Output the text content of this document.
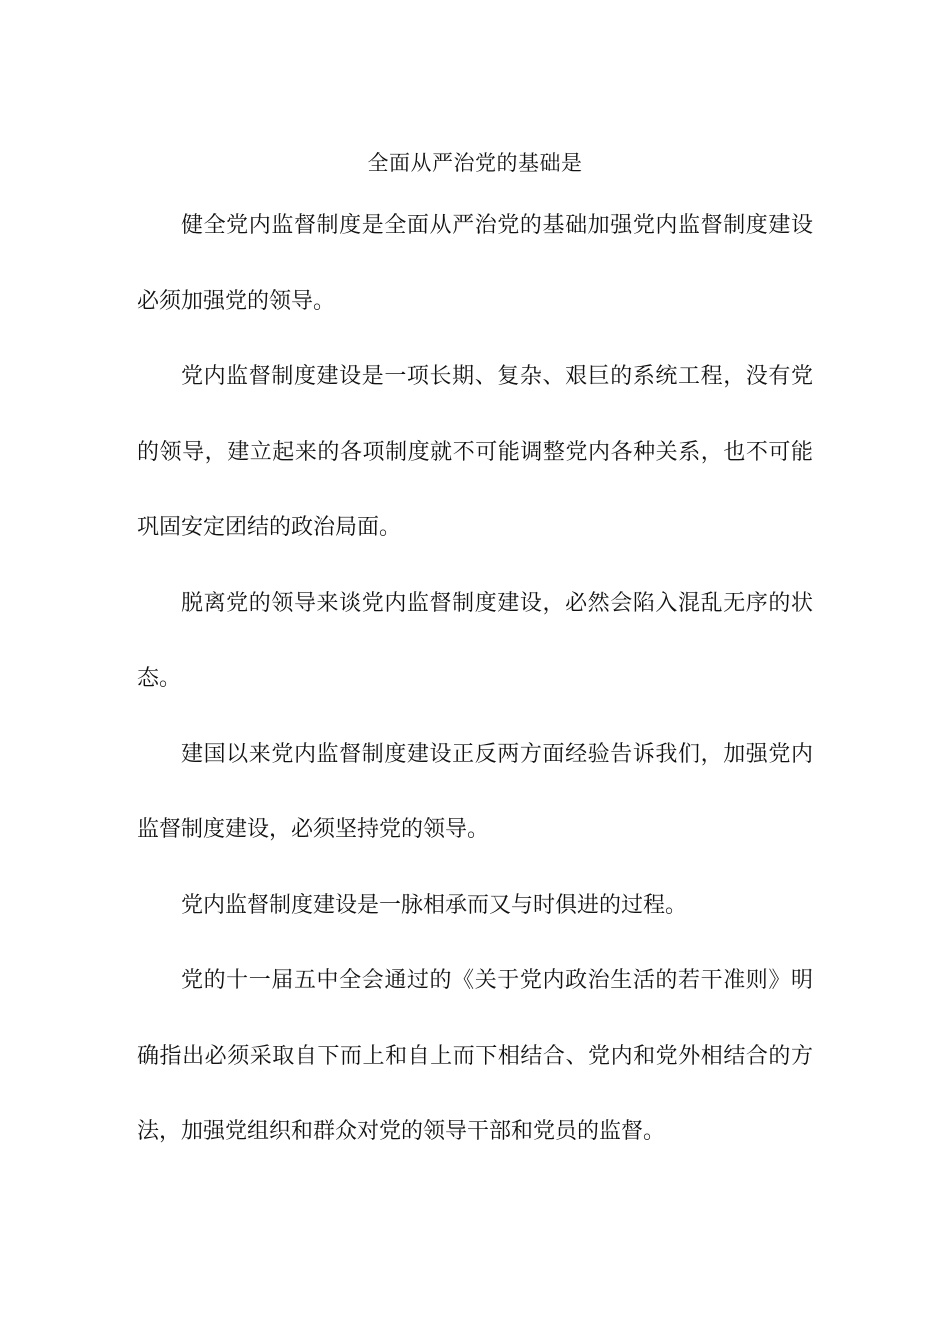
全面从严治党的基础是

健全党内监督制度是全面从严治党的基础加强党内监督制度建设必须加强党的领导。

党内监督制度建设是一项长期、复杂、艰巨的系统工程，没有党的领导，建立起来的各项制度就不可能调整党内各种关系，也不可能巩固安定团结的政治局面。

脱离党的领导来谈党内监督制度建设，必然会陷入混乱无序的状态。

建国以来党内监督制度建设正反两方面经验告诉我们，加强党内监督制度建设，必须坚持党的领导。

党内监督制度建设是一脉相承而又与时俱进的过程。

党的十一届五中全会通过的《关于党内政治生活的若干准则》明确指出必须采取自下而上和自上而下相结合、党内和党外相结合的方法，加强党组织和群众对党的领导干部和党员的监督。
